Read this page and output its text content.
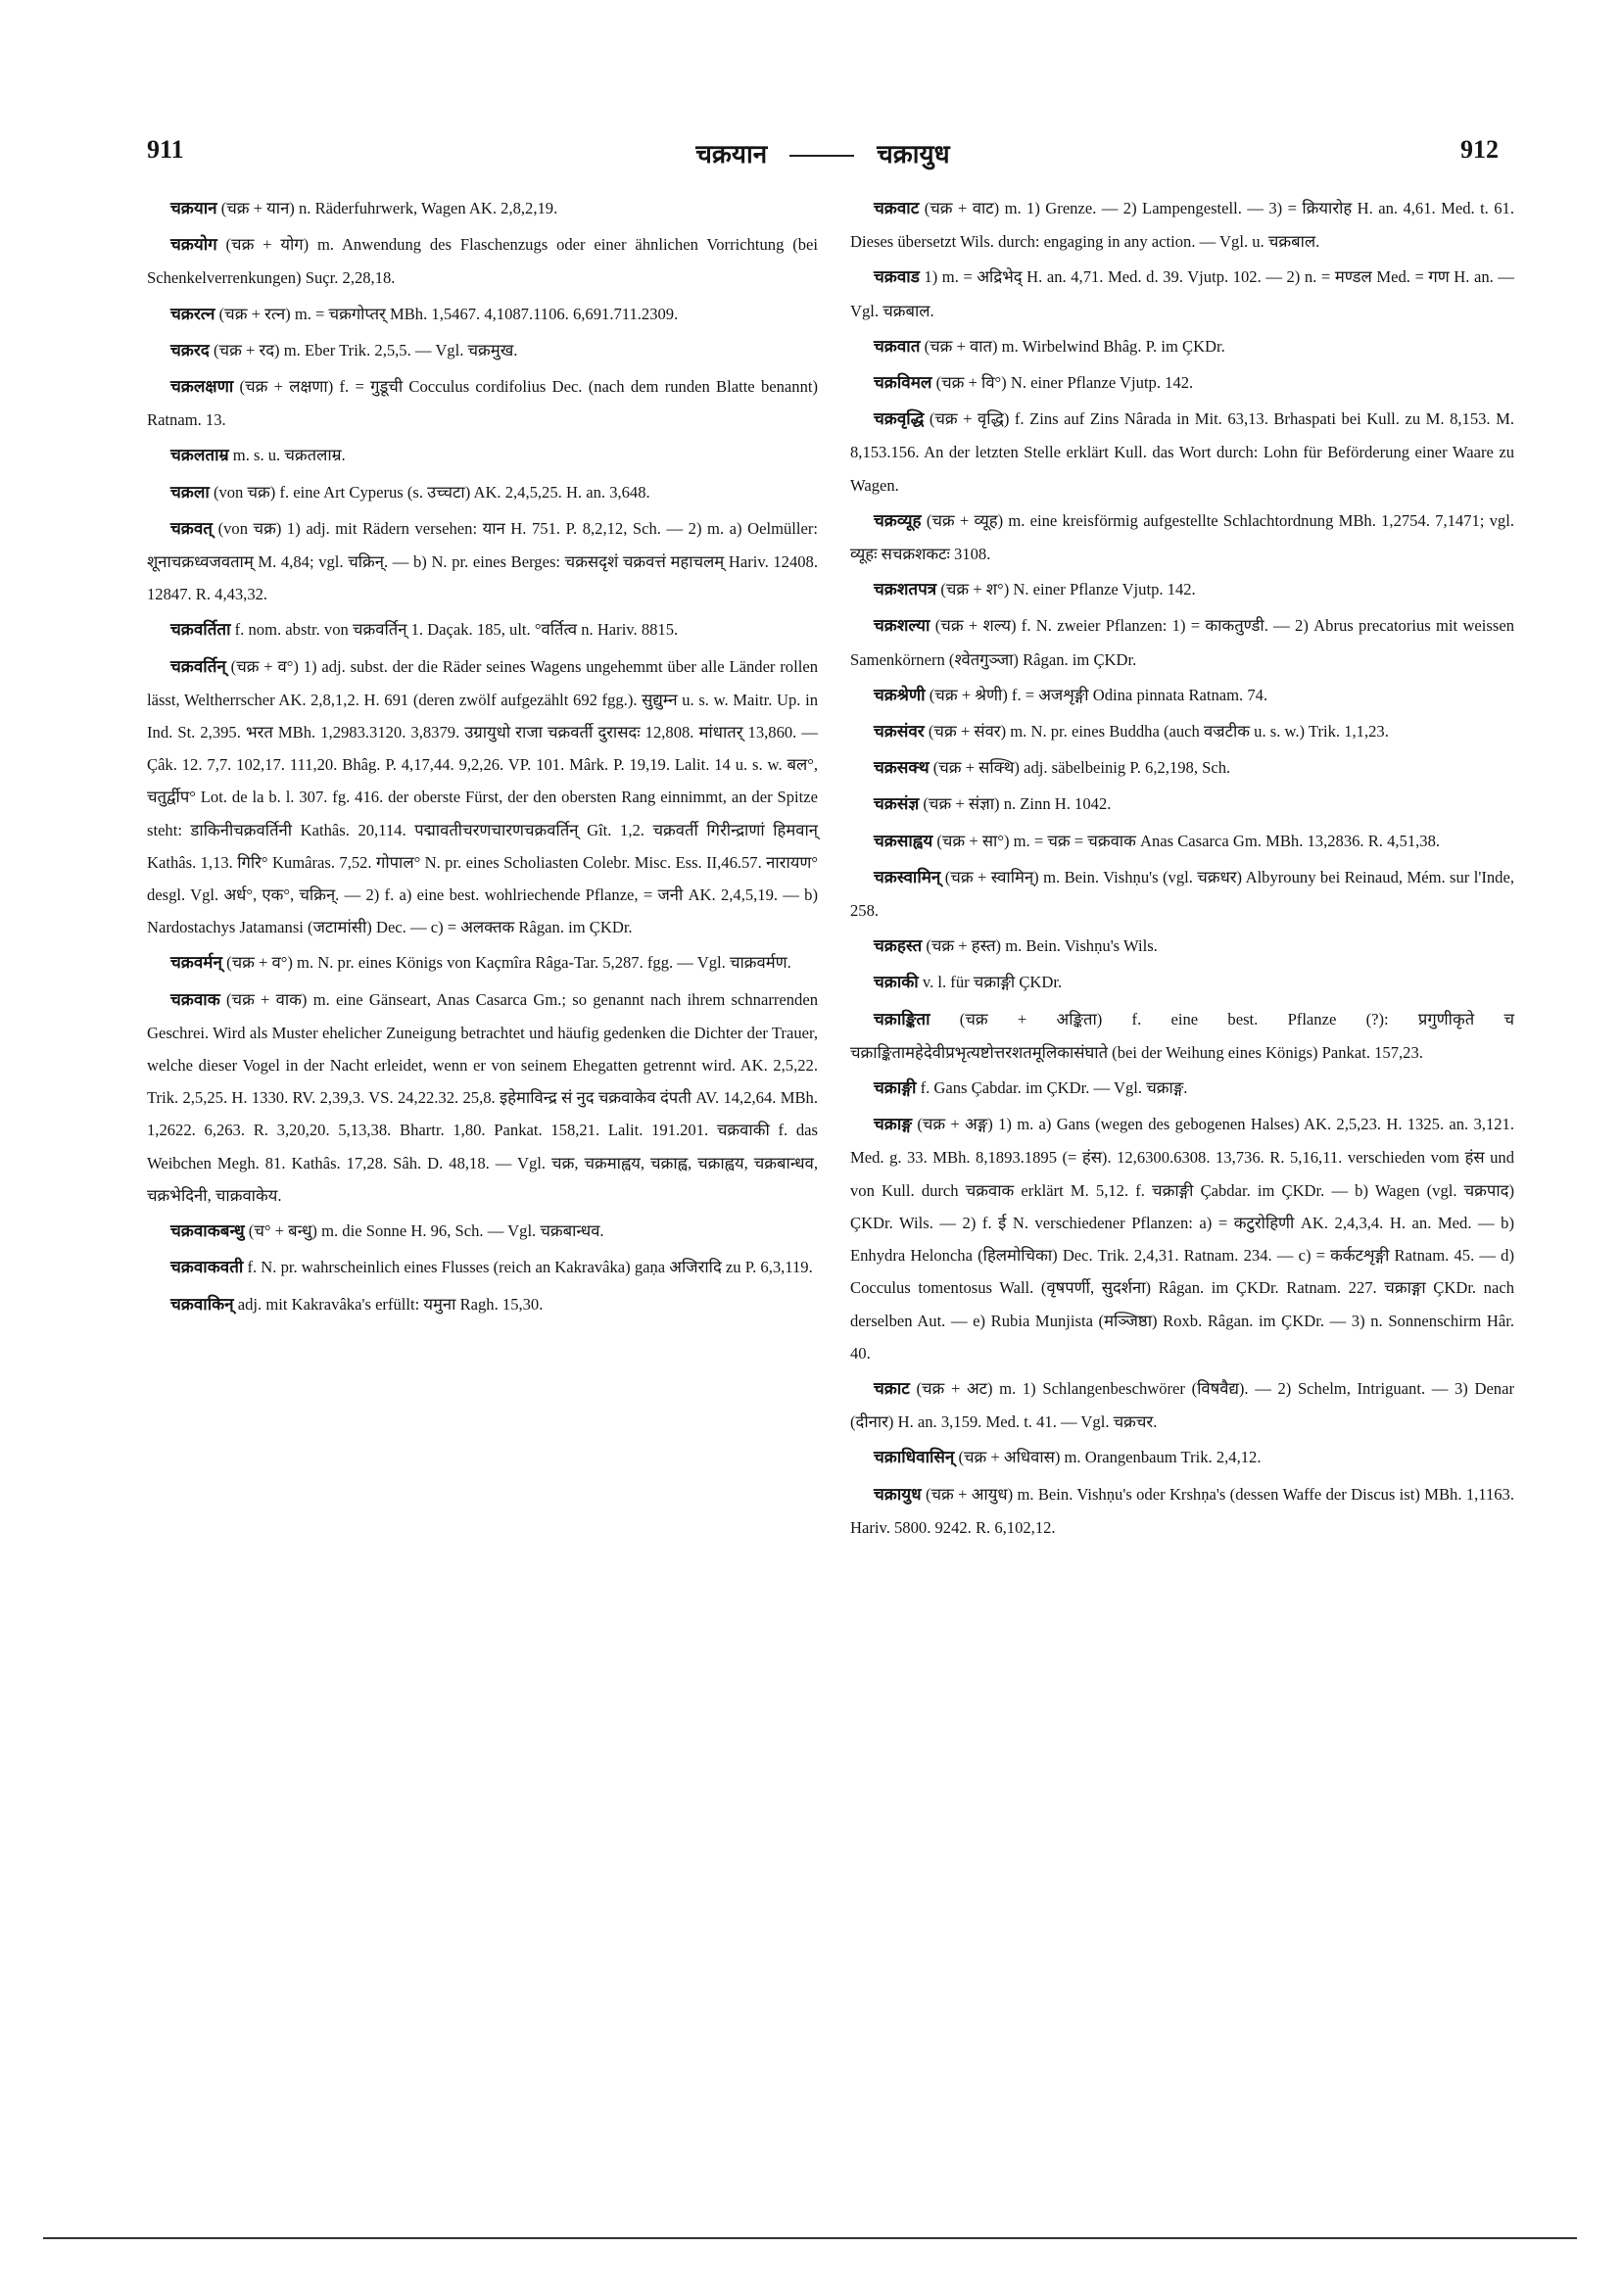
911	चक्रयान	चक्रायुध	912

चक्रयान (चक्र + यान) n. Räderfuhrwerk, Wagen AK. 2,8,2,19.

चक्रयोग (चक्र + योग) m. Anwendung des Flaschenzugs oder einer ähnlichen Vorrichtung (bei Schenkelverrenkungen) Suçr. 2,28,18.

चक्ररत्न (चक्र + रत्न) m. = चक्रगोप्तर् MBh. 1,5467. 4,1087.1106. 6,691.711.2309.

चक्ररद (चक्र + रद) m. Eber Trik. 2,5,5. — Vgl. चक्रमुख.

चक्रलक्षणा (चक्र + लक्षणा) f. = गुडूची Cocculus cordifolius Dec. (nach dem runden Blatte benannt) Ratnam. 13.

चक्रलताम्र m. s. u. चक्रतलाम्र.

चक्रला (von चक्र) f. eine Art Cyperus (s. उच्चटा) AK. 2,4,5,25. H. an. 3,648.

चक्रवत् (von चक्र) 1) adj. mit Rädern versehen: यान H. 751. P. 8,2,12, Sch. — 2) m. a) Oelmüller: शूनाचक्रध्वजवताम् M. 4,84; vgl. चक्रिन्. — b) N. pr. eines Berges: चक्रसदृशं चक्रवत्तं महाचलम् Hariv. 12408. 12847. R. 4,43,32.

चक्रवर्तिता f. nom. abstr. von चक्रवर्तिन् 1. Daçak. 185, ult. °वर्तित्व n. Hariv. 8815.

चक्रवर्तिन् (चक्र + व°) 1) adj. subst. der die Räder seines Wagens ungehemmt über alle Länder rollen lässt, Weltherrscher AK. 2,8,1,2. H. 691 (deren zwölf aufgezählt 692 fgg.). सुद्युम्न u. s. w. Maitr. Up. in Ind. St. 2,395. भरत MBh. 1,2983.3120. 3,8379. उग्रायुधो राजा चक्रवर्ती दुरासदः 12,808. मांधातर् 13,860. — Çâk. 12. 7,7. 102,17. 111,20. Bhâg. P. 4,17,44. 9,2,26. VP. 101. Mârk. P. 19,19. Lalit. 14 u. s. w. बल°, चतुर्द्वीप° Lot. de la b. l. 307. fg. 416. der oberste Fürst, der den obersten Rang einnimmt, an der Spitze steht: डाकिनीचक्रवर्तिनी Kathâs. 20,114. पद्मावतीचरणचारणचक्रवर्तिन् Gît. 1,2. चक्रवर्ती गिरीन्द्राणां हिमवान् Kathâs. 1,13. गिरि° Kumâras. 7,52. गोपाल° N. pr. eines Scholiasten Colebr. Misc. Ess. II,46.57. नारायण° desgl. Vgl. अर्ध°, एक°, चक्रिन्. — 2) f. a) eine best. wohlriechende Pflanze, = जनी AK. 2,4,5,19. — b) Nardostachys Jatamansi (जटामांसी) Dec. — c) = अलक्तक Râgan. im ÇKDr.

चक्रवर्मन् (चक्र + व°) m. N. pr. eines Königs von Kaçmîra Râga-Tar. 5,287. fgg. — Vgl. चाक्रवर्मण.

चक्रवाक (चक्र + वाक) m. eine Gänseart, Anas Casarca Gm.; so genannt nach ihrem schnarrenden Geschrei. Wird als Muster ehelicher Zuneigung betrachtet und häufig gedenken die Dichter der Trauer, welche dieser Vogel in der Nacht erleidet, wenn er von seinem Ehegatten getrennt wird. AK. 2,5,22. Trik. 2,5,25. H. 1330. RV. 2,39,3. VS. 24,22.32. 25,8. इहेमाविन्द्र सं नुद चक्रवाकेव दंपती AV. 14,2,64. MBh. 1,2622. 6,263. R. 3,20,20. 5,13,38. Bhartr. 1,80. Pankat. 158,21. Lalit. 191.201. चक्रवाकी f. das Weibchen Megh. 81. Kathâs. 17,28. Sâh. D. 48,18. — Vgl. चक्र, चक्रमाह्वय, चक्राह्व, चक्राह्वय, चक्रबान्धव, चक्रभेदिनी, चाक्रवाकेय.

चक्रवाकबन्धु (च° + बन्धु) m. die Sonne H. 96, Sch. — Vgl. चक्रबान्धव.

चक्रवाकवती f. N. pr. wahrscheinlich eines Flusses (reich an Kakravâka) gaṇa अजिरादि zu P. 6,3,119.

चक्रवाकिन् adj. mit Kakravâka's erfüllt: यमुना Ragh. 15,30.

चक्रवाट (चक्र + वाट) m. 1) Grenze. — 2) Lampengestell. — 3) = क्रियारोह H. an. 4,61. Med. t. 61. Dieses übersetzt Wils. durch: engaging in any action. — Vgl. u. चक्रबाल.

चक्रवाड 1) m. = अद्रिभेद् H. an. 4,71. Med. d. 39. Vjutp. 102. — 2) n. = मण्डल Med. = गण H. an. — Vgl. चक्रबाल.

चक्रवात (चक्र + वात) m. Wirbelwind Bhâg. P. im ÇKDr.

चक्रविमल (चक्र + वि°) N. einer Pflanze Vjutp. 142.

चक्रवृद्धि (चक्र + वृद्धि) f. Zins auf Zins Nârada in Mit. 63,13. Brhaspati bei Kull. zu M. 8,153. M. 8,153.156. An der letzten Stelle erklärt Kull. das Wort durch: Lohn für Beförderung einer Waare zu Wagen.

चक्रव्यूह (चक्र + व्यूह) m. eine kreisförmig aufgestellte Schlachtordnung MBh. 1,2754. 7,1471; vgl. व्यूहः सचक्रशकटः 3108.

चक्रशतपत्र (चक्र + श°) N. einer Pflanze Vjutp. 142.

चक्रशल्या (चक्र + शल्य) f. N. zweier Pflanzen: 1) = काकतुण्डी. — 2) Abrus precatorius mit weissen Samenkörnern (श्वेतगुञ्जा) Râgan. im ÇKDr.

चक्रश्रेणी (चक्र + श्रेणी) f. = अजशृङ्गी Odina pinnata Ratnam. 74.

चक्रसंवर (चक्र + संवर) m. N. pr. eines Buddha (auch वज्रटीक u. s. w.) Trik. 1,1,23.

चक्रसक्थ (चक्र + सक्थि) adj. säbelbeinig P. 6,2,198, Sch.

चक्रसंज्ञ (चक्र + संज्ञा) n. Zinn H. 1042.

चक्रसाह्वय (चक्र + सा°) m. = चक्र = चक्रवाक Anas Casarca Gm. MBh. 13,2836. R. 4,51,38.

चक्रस्वामिन् (चक्र + स्वामिन्) m. Bein. Vishṇu's (vgl. चक्रधर) Albyrouny bei Reinaud, Mém. sur l'Inde, 258.

चक्रहस्त (चक्र + हस्त) m. Bein. Vishṇu's Wils.

चक्राकी v. l. für चक्राङ्गी ÇKDr.

चक्राङ्किता (चक्र + अङ्किता) f. eine best. Pflanze (?): प्रगुणीकृते च चक्राङ्कितामहेदेवीप्रभृत्यष्टोत्तरशतमूलिकासंघाते (bei der Weihung eines Königs) Pankat. 157,23.

चक्राङ्गी f. Gans Çabdar. im ÇKDr. — Vgl. चक्राङ्ग.

चक्राङ्ग (चक्र + अङ्ग) 1) m. a) Gans (wegen des gebogenen Halses) AK. 2,5,23. H. 1325. an. 3,121. Med. g. 33. MBh. 8,1893.1895 (= हंस). 12,6300.6308. 13,736. R. 5,16,11. verschieden vom हंस und von Kull. durch चक्रवाक erklärt M. 5,12. f. चक्राङ्गी Çabdar. im ÇKDr. — b) Wagen (vgl. चक्रपाद) ÇKDr. Wils. — 2) f. ई N. verschiedener Pflanzen: a) = कटुरोहिणी AK. 2,4,3,4. H. an. Med. — b) Enhydra Heloncha (हिलमोचिका) Dec. Trik. 2,4,31. Ratnam. 234. — c) = कर्कटशृङ्गी Ratnam. 45. — d) Cocculus tomentosus Wall. (वृषपर्णी, सुदर्शना) Râgan. im ÇKDr. Ratnam. 227. चक्राङ्गा ÇKDr. nach derselben Aut. — e) Rubia Munjista (मञ्जिष्ठा) Roxb. Râgan. im ÇKDr. — 3) n. Sonnenschirm Hâr. 40.

चक्राट (चक्र + अट) m. 1) Schlangenbeschwörer (विषवैद्य). — 2) Schelm, Intriguant. — 3) Denar (दीनार) H. an. 3,159. Med. t. 41. — Vgl. चक्रचर.

चक्राधिवासिन् (चक्र + अधिवास) m. Orangenbaum Trik. 2,4,12.

चक्रायुध (चक्र + आयुध) m. Bein. Vishṇu's oder Krshṇa's (dessen Waffe der Discus ist) MBh. 1,1163. Hariv. 5800. 9242. R. 6,102,12.
